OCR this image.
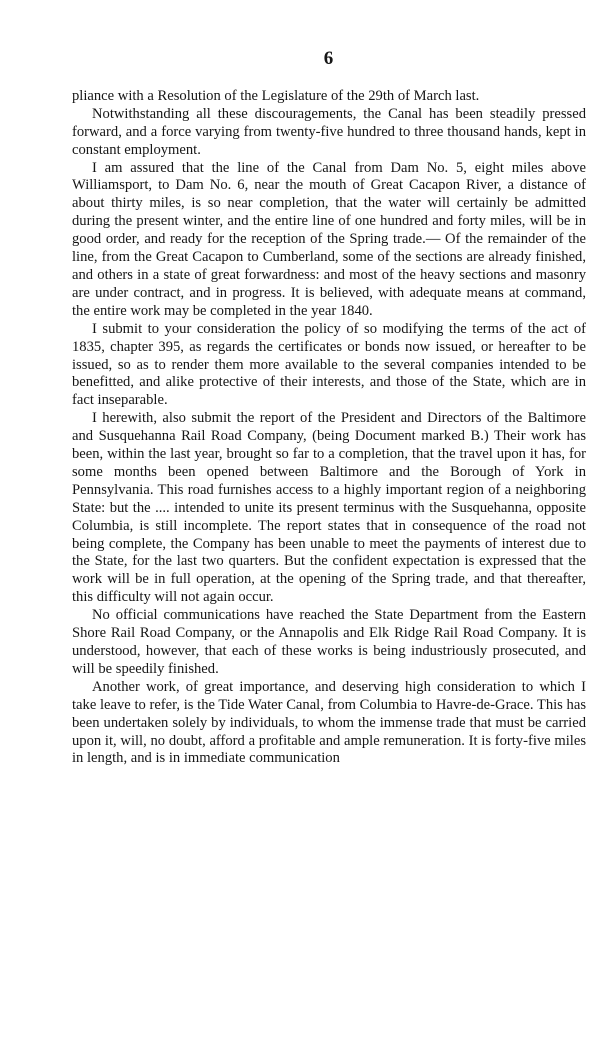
6

pliance with a Resolution of the Legislature of the 29th of March last.

Notwithstanding all these discouragements, the Canal has been steadily pressed forward, and a force varying from twenty-five hundred to three thousand hands, kept in constant employment.

I am assured that the line of the Canal from Dam No. 5, eight miles above Williamsport, to Dam No. 6, near the mouth of Great Cacapon River, a distance of about thirty miles, is so near completion, that the water will certainly be admitted during the present winter, and the entire line of one hundred and forty miles, will be in good order, and ready for the reception of the Spring trade.— Of the remainder of the line, from the Great Cacapon to Cumberland, some of the sections are already finished, and others in a state of great forwardness: and most of the heavy sections and masonry are under contract, and in progress. It is believed, with adequate means at command, the entire work may be completed in the year 1840.

I submit to your consideration the policy of so modifying the terms of the act of 1835, chapter 395, as regards the certificates or bonds now issued, or hereafter to be issued, so as to render them more available to the several companies intended to be benefitted, and alike protective of their interests, and those of the State, which are in fact inseparable.

I herewith, also submit the report of the President and Directors of the Baltimore and Susquehanna Rail Road Company, (being Document marked B.) Their work has been, within the last year, brought so far to a completion, that the travel upon it has, for some months been opened between Baltimore and the Borough of York in Pennsylvania. This road furnishes access to a highly important region of a neighboring State: but the .... intended to unite its present terminus with the Susquehanna, opposite Columbia, is still incomplete. The report states that in consequence of the road not being complete, the Company has been unable to meet the payments of interest due to the State, for the last two quarters. But the confident expectation is expressed that the work will be in full operation, at the opening of the Spring trade, and that thereafter, this difficulty will not again occur.

No official communications have reached the State Department from the Eastern Shore Rail Road Company, or the Annapolis and Elk Ridge Rail Road Company. It is understood, however, that each of these works is being industriously prosecuted, and will be speedily finished.

Another work, of great importance, and deserving high consideration to which I take leave to refer, is the Tide Water Canal, from Columbia to Havre-de-Grace. This has been undertaken solely by individuals, to whom the immense trade that must be carried upon it, will, no doubt, afford a profitable and ample remuneration. It is forty-five miles in length, and is in immediate communication
